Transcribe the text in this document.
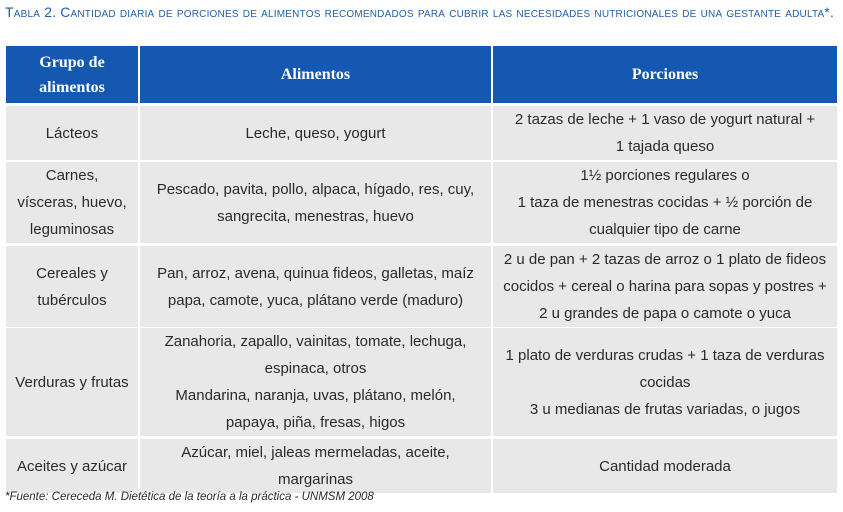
Tabla 2. Cantidad diaria de porciones de alimentos recomendados para cubrir las necesidades nutricionales de una gestante adulta*.
Grupo de
alimentos
Alimentos	Porciones
Lácteos	Leche, queso, yogurt
2 tazas de leche + 1 vaso de yogurt natural +
1 tajada queso
Carnes,
vísceras, huevo,
leguminosas
Pescado, pavita, pollo, alpaca, hígado, res, cuy,
sangrecita, menestras, huevo
1½ porciones regulares o
1 taza de menestras cocidas + ½ porción de
cualquier tipo de carne
Cereales y
tubérculos
Pan, arroz, avena, quinua fideos, galletas, maíz
papa, camote, yuca, plátano verde (maduro)
2 u de pan + 2 tazas de arroz o 1 plato de fideos
cocidos + cereal o harina para sopas y postres +
2 u grandes de papa o camote o yuca
Verduras y frutas
Zanahoria, zapallo, vainitas, tomate, lechuga,
espinaca, otros
Mandarina, naranja, uvas, plátano, melón,
papaya, piña, fresas, higos
1 plato de verduras crudas + 1 taza de verduras
cocidas
3 u medianas de frutas variadas, o jugos
Aceites y azúcar
Azúcar, miel, jaleas mermeladas, aceite,
margarinas
Cantidad moderada
*Fuente: Cereceda M. Dietética de la teoría a la práctica - UNMSM 2008
